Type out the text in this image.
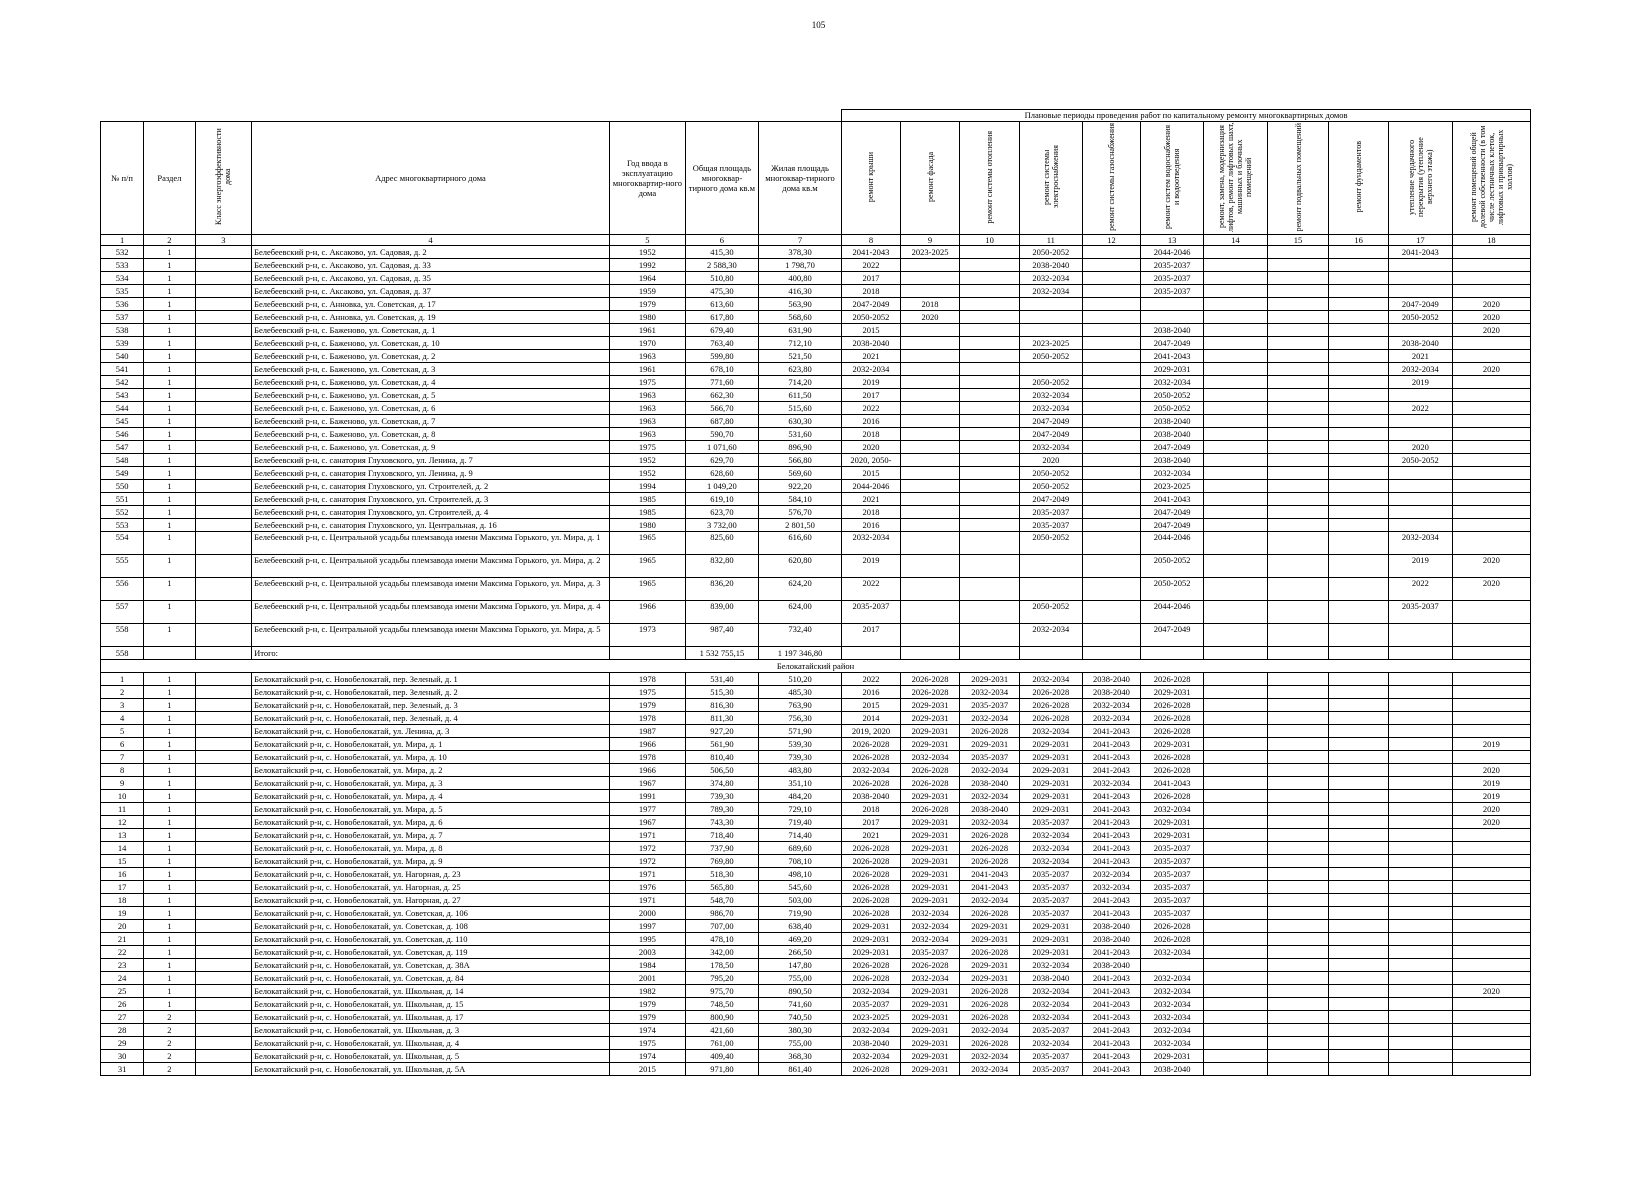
105
							Плановые периоды проведения работ по капитальному ремонту многоквартирных домов										
№ п/п	Раздел	Класс энергоэффективности дома	Адрес многоквартирного дома	Год ввода в эксплуатацию многоквартир-ного дома	Общая площадь многоквар-тирного дома кв.м	Жилая площадь многоквар-тирного дома кв.м	ремонт крыши	ремонт фасада	ремонт системы отопления	ремонт системы электроснабжения	ремонт системы газоснабжения	ремонт систем водоснабжения и водоотведения	ремонт, замена, модернизация лифтов, ремонт лифтовых шахт, машинных и блочных помещений	ремонт подвальных помещений	ремонт фундаментов	утепление чердачного перекрытия (утепление верхнего этажа)	ремонт помещений общей долевой собственности (в том числе лестничных клеток, лифтовых и приквартирных холлов)
1	2	3	4	5	6	7	8	9	10	11	12	13	14	15	16	17	18
532	1		Белебеевский р-н, с. Аксаково, ул. Садовая, д. 2	1952	415,30	378,30	2041-2043	2023-2025		2050-2052		2044-2046				2041-2043	
533	1		Белебеевский р-н, с. Аксаково, ул. Садовая, д. 33	1992	2 588,30	1 798,70	2022			2038-2040		2035-2037					
534	1		Белебеевский р-н, с. Аксаково, ул. Садовая, д. 35	1964	510,80	400,80	2017			2032-2034		2035-2037					
535	1		Белебеевский р-н, с. Аксаково, ул. Садовая, д. 37	1959	475,30	416,30	2018			2032-2034		2035-2037					
536	1		Белебеевский р-н, с. Анновка, ул. Советская, д. 17	1979	613,60	563,90	2047-2049	2018								2047-2049	2020
537	1		Белебеевский р-н, с. Анновка, ул. Советская, д. 19	1980	617,80	568,60	2050-2052	2020								2050-2052	2020
538	1		Белебеевский р-н, с. Баженово, ул. Советская, д. 1	1961	679,40	631,90	2015					2038-2040					2020
539	1		Белебеевский р-н, с. Баженово, ул. Советская, д. 10	1970	763,40	712,10	2038-2040			2023-2025		2047-2049				2038-2040	
540	1		Белебеевский р-н, с. Баженово, ул. Советская, д. 2	1963	599,80	521,50	2021			2050-2052		2041-2043				2021	
541	1		Белебеевский р-н, с. Баженово, ул. Советская, д. 3	1961	678,10	623,80	2032-2034					2029-2031				2032-2034	2020
542	1		Белебеевский р-н, с. Баженово, ул. Советская, д. 4	1975	771,60	714,20	2019			2050-2052		2032-2034				2019	
543	1		Белебеевский р-н, с. Баженово, ул. Советская, д. 5	1963	662,30	611,50	2017			2032-2034		2050-2052					
544	1		Белебеевский р-н, с. Баженово, ул. Советская, д. 6	1963	566,70	515,60	2022			2032-2034		2050-2052				2022	
545	1		Белебеевский р-н, с. Баженово, ул. Советская, д. 7	1963	687,80	630,30	2016			2047-2049		2038-2040					
546	1		Белебеевский р-н, с. Баженово, ул. Советская, д. 8	1963	590,70	531,60	2018			2047-2049		2038-2040					
547	1		Белебеевский р-н, с. Баженово, ул. Советская, д. 9	1975	1 071,60	896,90	2020			2032-2034		2047-2049				2020	
548	1		Белебеевский р-н, с. санатория Глуховского, ул. Ленина, д. 7	1952	629,70	566,80	2020, 2050-			2020		2038-2040				2050-2052	
549	1		Белебеевский р-н, с. санатория Глуховского, ул. Ленина, д. 9	1952	628,60	569,60	2015			2050-2052		2032-2034					
550	1		Белебеевский р-н, с. санатория Глуховского, ул. Строителей, д. 2	1994	1 049,20	922,20	2044-2046			2050-2052		2023-2025					
551	1		Белебеевский р-н, с. санатория Глуховского, ул. Строителей, д. 3	1985	619,10	584,10	2021			2047-2049		2041-2043					
552	1		Белебеевский р-н, с. санатория Глуховского, ул. Строителей, д. 4	1985	623,70	576,70	2018			2035-2037		2047-2049					
553	1		Белебеевский р-н, с. санатория Глуховского, ул. Центральная, д. 16	1980	3 732,00	2 801,50	2016			2035-2037		2047-2049					
554	1		Белебеевский р-н, с. Центральной усадьбы племзавода имени Максима Горького, ул. Мира, д. 1	1965	825,60	616,60	2032-2034			2050-2052		2044-2046				2032-2034	
555	1		Белебеевский р-н, с. Центральной усадьбы племзавода имени Максима Горького, ул. Мира, д. 2	1965	832,80	620,80	2019					2050-2052				2019	2020
556	1		Белебеевский р-н, с. Центральной усадьбы племзавода имени Максима Горького, ул. Мира, д. 3	1965	836,20	624,20	2022					2050-2052				2022	2020
557	1		Белебеевский р-н, с. Центральной усадьбы племзавода имени Максима Горького, ул. Мира, д. 4	1966	839,00	624,00	2035-2037			2050-2052		2044-2046				2035-2037	
558	1		Белебеевский р-н, с. Центральной усадьбы племзавода имени Максима Горького, ул. Мира, д. 5	1973	987,40	732,40	2017			2032-2034		2047-2049					
558			Итого:		1 532 755,15	1 197 346,80											
Белокатайский район																	
1	1		Белокатайский р-н, с. Новобелокатай, пер. Зеленый, д. 1	1978	531,40	510,20	2022	2026-2028	2029-2031	2032-2034	2038-2040	2026-2028					
2	1		Белокатайский р-н, с. Новобелокатай, пер. Зеленый, д. 2	1975	515,30	485,30	2016	2026-2028	2032-2034	2026-2028	2038-2040	2029-2031					
3	1		Белокатайский р-н, с. Новобелокатай, пер. Зеленый, д. 3	1979	816,30	763,90	2015	2029-2031	2035-2037	2026-2028	2032-2034	2026-2028					
4	1		Белокатайский р-н, с. Новобелокатай, пер. Зеленый, д. 4	1978	811,30	756,30	2014	2029-2031	2032-2034	2026-2028	2032-2034	2026-2028					
5	1		Белокатайский р-н, с. Новобелокатай, ул. Ленина, д. 3	1987	927,20	571,90	2019, 2020	2029-2031	2026-2028	2032-2034	2041-2043	2026-2028					
6	1		Белокатайский р-н, с. Новобелокатай, ул. Мира, д. 1	1966	561,90	539,30	2026-2028	2029-2031	2029-2031	2029-2031	2041-2043	2029-2031					2019
7	1		Белокатайский р-н, с. Новобелокатай, ул. Мира, д. 10	1978	810,40	739,30	2026-2028	2032-2034	2035-2037	2029-2031	2041-2043	2026-2028					
8	1		Белокатайский р-н, с. Новобелокатай, ул. Мира, д. 2	1966	506,50	483,80	2032-2034	2026-2028	2032-2034	2029-2031	2041-2043	2026-2028					2020
9	1		Белокатайский р-н, с. Новобелокатай, ул. Мира, д. 3	1967	374,80	351,10	2026-2028	2026-2028	2038-2040	2029-2031	2032-2034	2041-2043					2019
10	1		Белокатайский р-н, с. Новобелокатай, ул. Мира, д. 4	1991	739,30	484,20	2038-2040	2029-2031	2032-2034	2029-2031	2041-2043	2026-2028					2019
11	1		Белокатайский р-н, с. Новобелокатай, ул. Мира, д. 5	1977	789,30	729,10	2018	2026-2028	2038-2040	2029-2031	2041-2043	2032-2034					2020
12	1		Белокатайский р-н, с. Новобелокатай, ул. Мира, д. 6	1967	743,30	719,40	2017	2029-2031	2032-2034	2035-2037	2041-2043	2029-2031					2020
13	1		Белокатайский р-н, с. Новобелокатай, ул. Мира, д. 7	1971	718,40	714,40	2021	2029-2031	2026-2028	2032-2034	2041-2043	2029-2031					
14	1		Белокатайский р-н, с. Новобелокатай, ул. Мира, д. 8	1972	737,90	689,60	2026-2028	2029-2031	2026-2028	2032-2034	2041-2043	2035-2037					
15	1		Белокатайский р-н, с. Новобелокатай, ул. Мира, д. 9	1972	769,80	708,10	2026-2028	2029-2031	2026-2028	2032-2034	2041-2043	2035-2037					
16	1		Белокатайский р-н, с. Новобелокатай, ул. Нагорная, д. 23	1971	518,30	498,10	2026-2028	2029-2031	2041-2043	2035-2037	2032-2034	2035-2037					
17	1		Белокатайский р-н, с. Новобелокатай, ул. Нагорная, д. 25	1976	565,80	545,60	2026-2028	2029-2031	2041-2043	2035-2037	2032-2034	2035-2037					
18	1		Белокатайский р-н, с. Новобелокатай, ул. Нагорная, д. 27	1971	548,70	503,00	2026-2028	2029-2031	2032-2034	2035-2037	2041-2043	2035-2037					
19	1		Белокатайский р-н, с. Новобелокатай, ул. Советская, д. 106	2000	986,70	719,90	2026-2028	2032-2034	2026-2028	2035-2037	2041-2043	2035-2037					
20	1		Белокатайский р-н, с. Новобелокатай, ул. Советская, д. 108	1997	707,00	638,40	2029-2031	2032-2034	2029-2031	2029-2031	2038-2040	2026-2028					
21	1		Белокатайский р-н, с. Новобелокатай, ул. Советская, д. 110	1995	478,10	469,20	2029-2031	2032-2034	2029-2031	2029-2031	2038-2040	2026-2028					
22	1		Белокатайский р-н, с. Новобелокатай, ул. Советская, д. 119	2003	342,00	266,50	2029-2031	2035-2037	2026-2028	2029-2031	2041-2043	2032-2034					
23	1		Белокатайский р-н, с. Новобелокатай, ул. Советская, д. 38А	1984	178,50	147,80	2026-2028	2026-2028	2029-2031	2032-2034	2038-2040						
24	1		Белокатайский р-н, с. Новобелокатай, ул. Советская, д. 84	2001	795,20	755,00	2026-2028	2032-2034	2029-2031	2038-2040	2041-2043	2032-2034					
25	1		Белокатайский р-н, с. Новобелокатай, ул. Школьная, д. 14	1982	975,70	890,50	2032-2034	2029-2031	2026-2028	2032-2034	2041-2043	2032-2034					2020
26	1		Белокатайский р-н, с. Новобелокатай, ул. Школьная, д. 15	1979	748,50	741,60	2035-2037	2029-2031	2026-2028	2032-2034	2041-2043	2032-2034					
27	2		Белокатайский р-н, с. Новобелокатай, ул. Школьная, д. 17	1979	800,90	740,50	2023-2025	2029-2031	2026-2028	2032-2034	2041-2043	2032-2034					
28	2		Белокатайский р-н, с. Новобелокатай, ул. Школьная, д. 3	1974	421,60	380,30	2032-2034	2029-2031	2032-2034	2035-2037	2041-2043	2032-2034					
29	2		Белокатайский р-н, с. Новобелокатай, ул. Школьная, д. 4	1975	761,00	755,00	2038-2040	2029-2031	2026-2028	2032-2034	2041-2043	2032-2034					
30	2		Белокатайский р-н, с. Новобелокатай, ул. Школьная, д. 5	1974	409,40	368,30	2032-2034	2029-2031	2032-2034	2035-2037	2041-2043	2029-2031					
31	2		Белокатайский р-н, с. Новобелокатай, ул. Школьная, д. 5А	2015	971,80	861,40	2026-2028	2029-2031	2032-2034	2035-2037	2041-2043	2038-2040					
